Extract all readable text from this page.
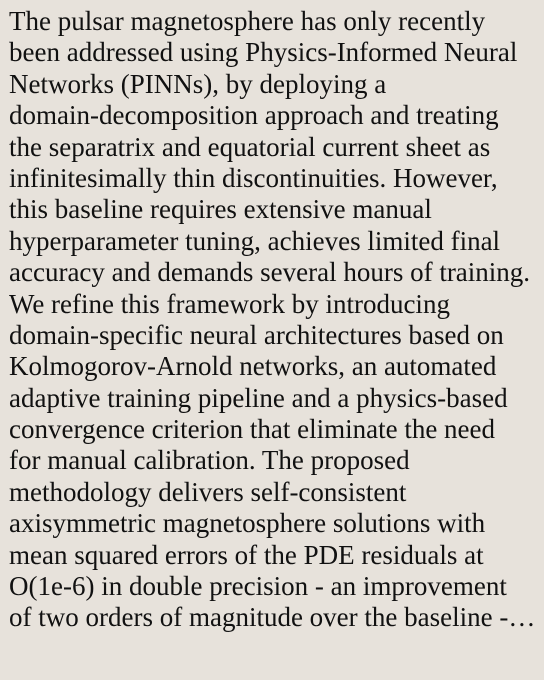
The pulsar magnetosphere has only recently
been addressed using Physics-Informed Neural
Networks (PINNs), by deploying a
domain-decomposition approach and treating
the separatrix and equatorial current sheet as
infinitesimally thin discontinuities. However,
this baseline requires extensive manual
hyperparameter tuning, achieves limited final
accuracy and demands several hours of training.
We refine this framework by introducing
domain-specific neural architectures based on
Kolmogorov-Arnold networks, an automated
adaptive training pipeline and a physics-based
convergence criterion that eliminate the need
for manual calibration. The proposed
methodology delivers self-consistent
axisymmetric magnetosphere solutions with
mean squared errors of the PDE residuals at
O(1e-6) in double precision - an improvement
of two orders of magnitude over the baseline -…
